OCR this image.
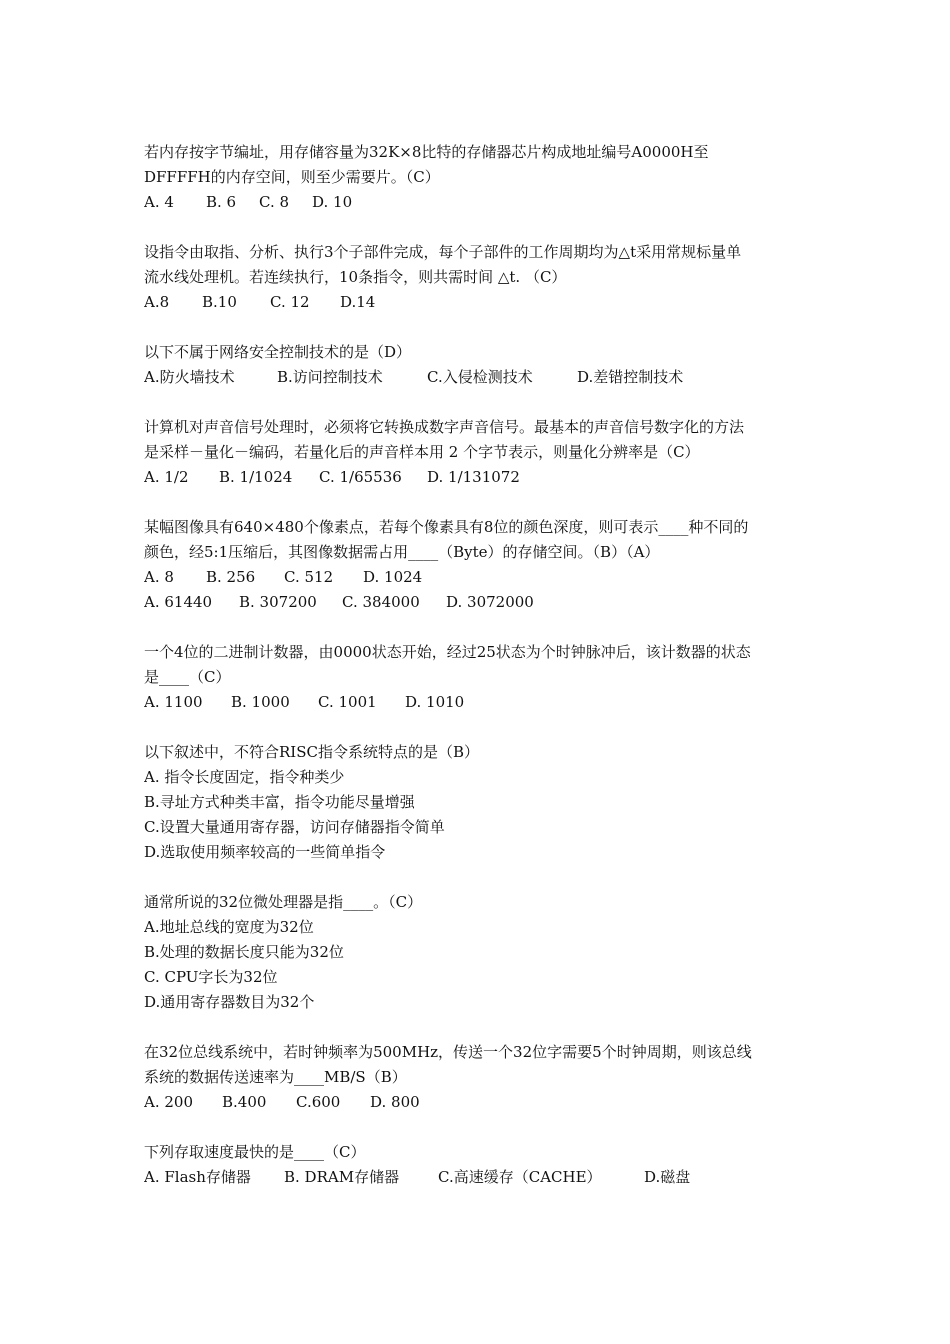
若内存按字节编址，用存储容量为32K×8比特的存储器芯片构成地址编号A0000H至
DFFFFH的内存空间，则至少需要片。（C）
A. 4	B. 6	C. 8	D. 10
设指令由取指、分析、执行3个子部件完成，每个子部件的工作周期均为△t采用常规标量单
流水线处理机。若连续执行，10条指令，则共需时间 △t. （C）
A.8	B.10	C. 12	D.14
以下不属于网络安全控制技术的是（D）
A.防火墙技术	B.访问控制技术	C.入侵检测技术	D.差错控制技术
计算机对声音信号处理时，必须将它转换成数字声音信号。最基本的声音信号数字化的方法
是采样－量化－编码，若量化后的声音样本用 2 个字节表示，则量化分辨率是（C）
A. 1/2	B. 1/1024	C. 1/65536	D. 1/131072
某幅图像具有640×480个像素点，若每个像素具有8位的颜色深度，则可表示____种不同的
颜色，经5:1压缩后，其图像数据需占用____（Byte）的存储空间。（B）（A）
A. 8	B. 256	C. 512	D. 1024
A. 61440	B. 307200	C. 384000	D. 3072000
一个4位的二进制计数器，由0000状态开始，经过25状态为个时钟脉冲后，该计数器的状态
是____（C）
A. 1100	B. 1000	C. 1001	D. 1010
以下叙述中，不符合RISC指令系统特点的是（B）
A. 指令长度固定，指令种类少
B.寻址方式种类丰富，指令功能尽量增强
C.设置大量通用寄存器，访问存储器指令简单
D.选取使用频率较高的一些简单指令
通常所说的32位微处理器是指____。（C）
A.地址总线的宽度为32位
B.处理的数据长度只能为32位
C. CPU字长为32位
D.通用寄存器数目为32个
在32位总线系统中，若时钟频率为500MHz，传送一个32位字需要5个时钟周期，则该总线
系统的数据传送速率为____MB/S（B）
A. 200	B.400	C.600	D. 800
下列存取速度最快的是____（C）
A. Flash存储器	B. DRAM存储器	C.高速缓存（CACHE）	D.磁盘
